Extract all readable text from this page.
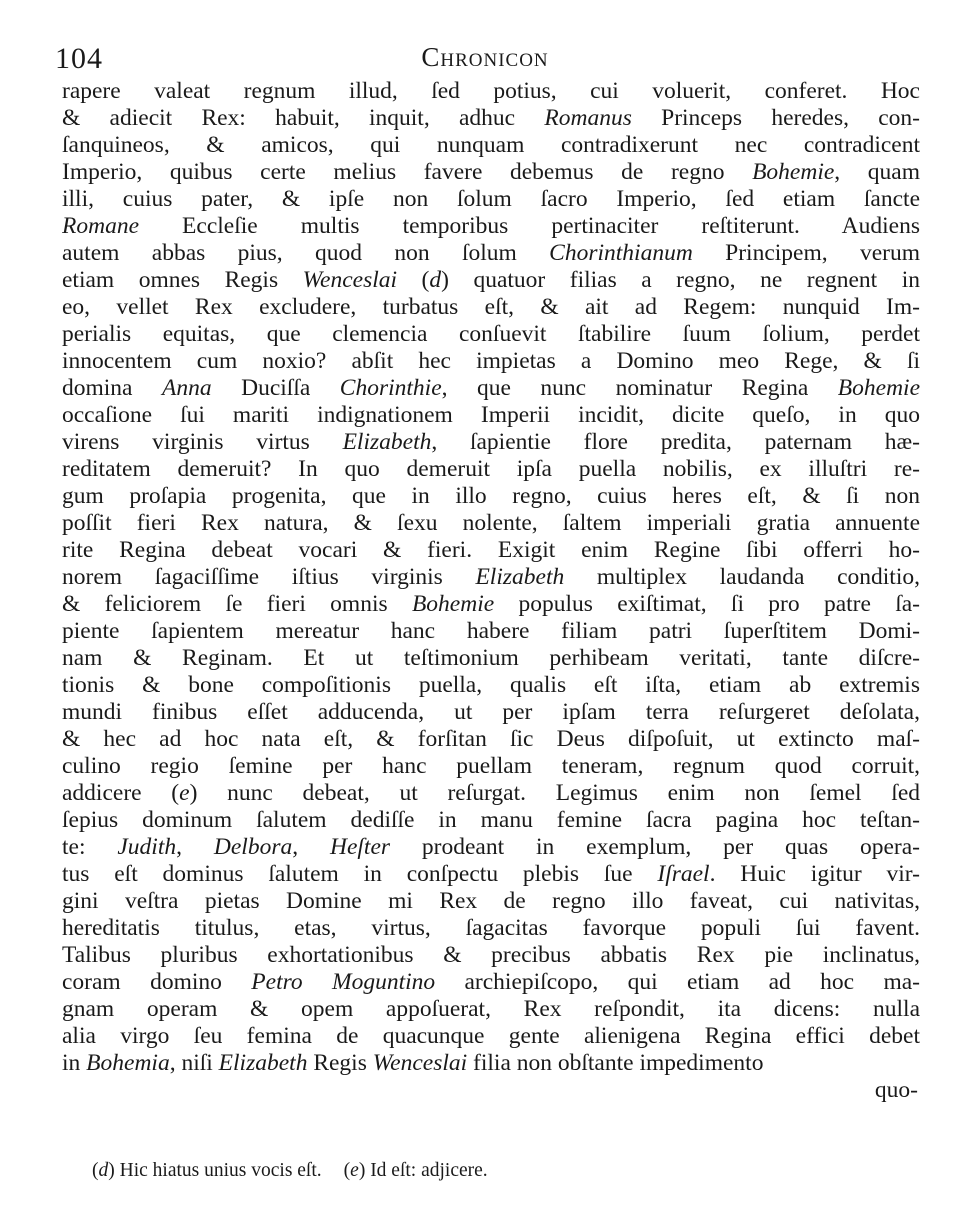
104	Chronicon
rapere valeat regnum illud, ſed potius, cui voluerit, conferet. Hoc
& adiecit Rex: habuit, inquit, adhuc Romanus Princeps heredes, con-
ſanquineos, & amicos, qui nunquam contradixerunt nec contradicent
Imperio, quibus certe melius favere debemus de regno Bohemie, quam
illi, cuius pater, & ipſe non ſolum ſacro Imperio, ſed etiam ſancte
Romane Eccleſie multis temporibus pertinaciter reſtiterunt. Audiens
autem abbas pius, quod non ſolum Chorinthianum Principem, verum
etiam omnes Regis Wenceslai (d) quatuor filias a regno, ne regnent in
eo, vellet Rex excludere, turbatus eſt, & ait ad Regem: nunquid Im-
perialis equitas, que clemencia conſuevit ſtabilire ſuum ſolium, perdet
innocentem cum noxio? abſit hec impietas a Domino meo Rege, & ſi
domina Anna Duciſſa Chorinthie, que nunc nominatur Regina Bohemie
occaſione ſui mariti indignationem Imperii incidit, dicite queſo, in quo
virens virginis virtus Elizabeth, ſapientie flore predita, paternam hæ-
reditatem demeruit? In quo demeruit ipſa puella nobilis, ex illuſtri re-
gum proſapia progenita, que in illo regno, cuius heres eſt, & ſi non
poſſit fieri Rex natura, & ſexu nolente, ſaltem imperiali gratia annuente
rite Regina debeat vocari & fieri. Exigit enim Regine ſibi offerri ho-
norem ſagaciſſime iſtius virginis Elizabeth multiplex laudanda conditio,
& feliciorem ſe fieri omnis Bohemie populus exiſtimat, ſi pro patre ſa-
piente ſapientem mereatur hanc habere filiam patri ſuperſtitem Domi-
nam & Reginam. Et ut teſtimonium perhibeam veritati, tante diſcre-
tionis & bone compoſitionis puella, qualis eſt iſta, etiam ab extremis
mundi finibus eſſet adducenda, ut per ipſam terra reſurgeret deſolata,
& hec ad hoc nata eſt, & forſitan ſic Deus diſpoſuit, ut extincto maſ-
culino regio ſemine per hanc puellam teneram, regnum quod corruit,
addicere (e) nunc debeat, ut reſurgat. Legimus enim non ſemel ſed
ſepius dominum ſalutem dediſſe in manu femine ſacra pagina hoc teſtan-
te: Judith, Delbora, Heſter prodeant in exemplum, per quas opera-
tus eſt dominus ſalutem in conſpectu plebis ſue Iſrael. Huic igitur vir-
gini veſtra pietas Domine mi Rex de regno illo faveat, cui nativitas,
hereditatis titulus, etas, virtus, ſagacitas favorque populi ſui favent.
Talibus pluribus exhortationibus & precibus abbatis Rex pie inclinatus,
coram domino Petro Moguntino archiepiſcopo, qui etiam ad hoc ma-
gnam operam & opem appoſuerat, Rex reſpondit, ita dicens: nulla
alia virgo ſeu femina de quacunque gente alienigena Regina effici debet
in Bohemia, niſi Elizabeth Regis Wenceslai filia non obſtante impedimento
quo-
(d) Hic hiatus unius vocis eſt. (e) Id eſt: adjicere.
